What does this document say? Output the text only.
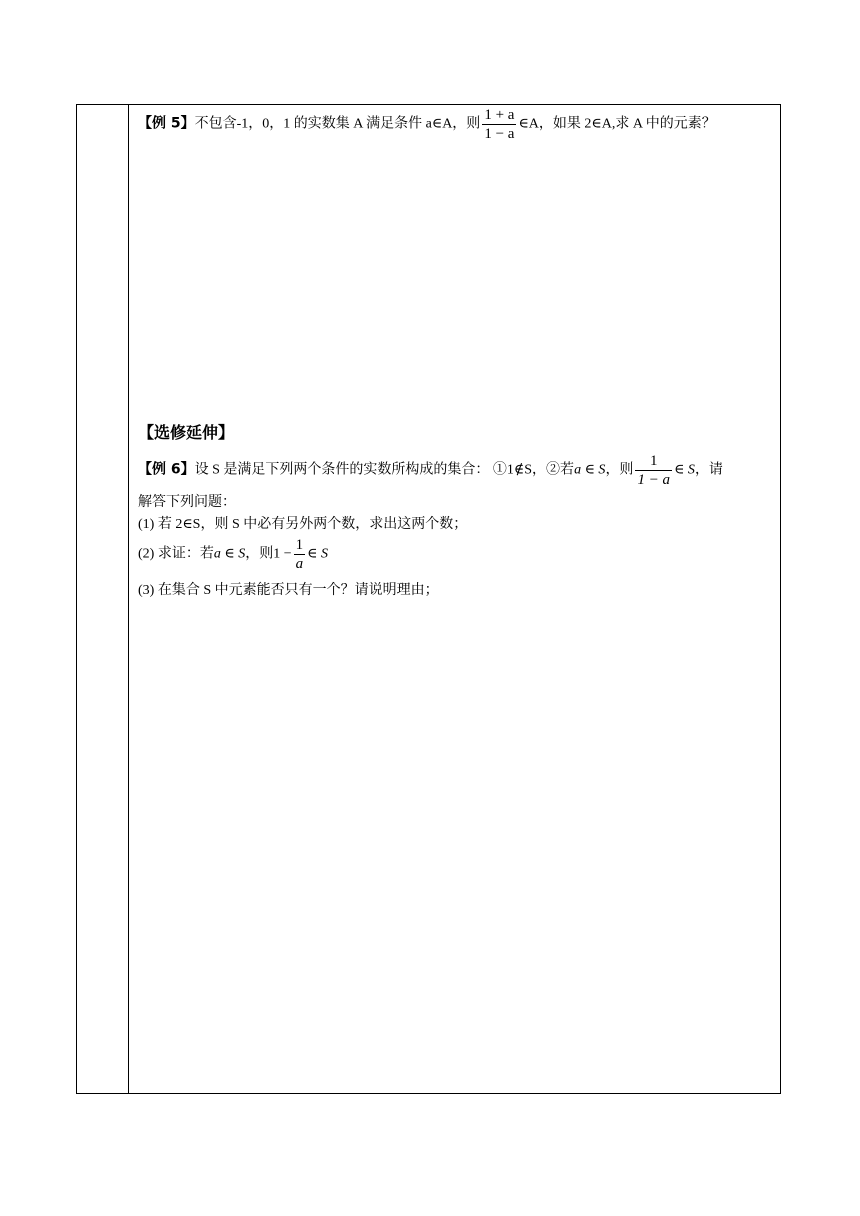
【例 5】不包含-1，0，1 的实数集 A 满足条件 a∈A，则 $\frac{1 + a}{1 - a}$ ∈A，如果 2∈A,求 A 中的元素？
【选修延伸】
【例 6】设 S 是满足下列两个条件的实数所构成的集合： ①1∉S，②若a ∈ S，则 $\frac{1}{1 - a}$ ∈ S，请
解答下列问题：
(1) 若 2∈S，则 S 中必有另外两个数，求出这两个数；
(2) 求证：若a ∈ S，则$1 - \frac{1}{a}$ ∈ S
(3) 在集合 S 中元素能否只有一个？请说明理由；
